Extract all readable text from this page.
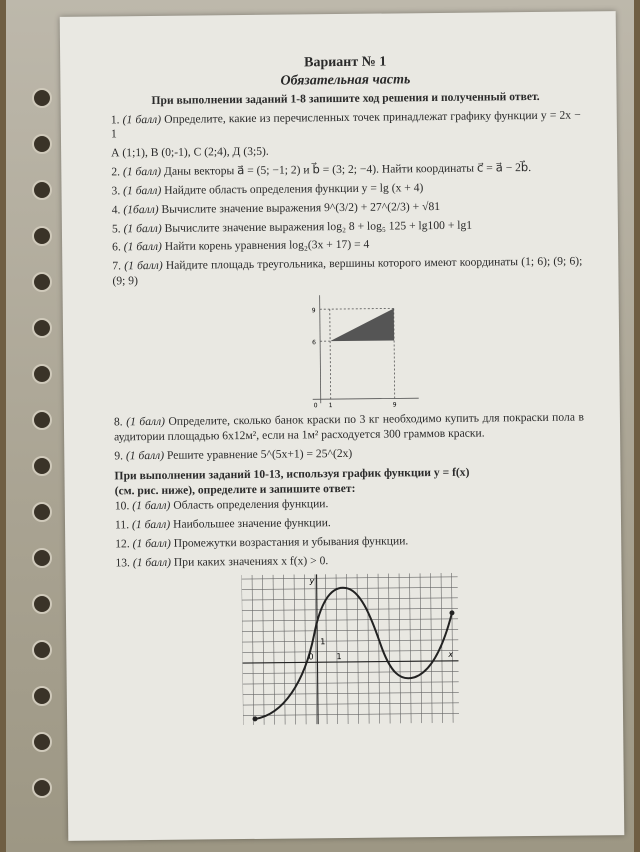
Вариант № 1

Обязательная часть

При выполнении заданий 1-8 запишите ход решения и полученный ответ.

1. (1 балл) Определите, какие из перечисленных точек принадлежат графику функции y = 2x − 1

А (1;1), В (0;-1), С (2;4), Д (3;5).

2. (1 балл) Даны векторы a⃗ = (5; −1; 2) и b⃗ = (3; 2; −4). Найти координаты c⃗ = a⃗ − 2b⃗.

3. (1 балл) Найдите область определения функции y = lg (x + 4)

4. (1балл) Вычислите значение выражения 9^(3/2) + 27^(2/3) + √81

5. (1 балл) Вычислите значение выражения log₂ 8 + log₅ 125 + lg100 + lg1

6. (1 балл) Найти корень уравнения log₂(3x + 17) = 4

7. (1 балл) Найдите площадь треугольника, вершины которого имеют координаты (1; 6); (9; 6); (9; 9)

9
6
0 1	9

8. (1 балл) Определите, сколько банок краски по 3 кг необходимо купить для покраски пола в аудитории площадью 6х12м², если на 1м² расходуется 300 граммов краски.

9. (1 балл) Решите уравнение 5^(5x+1) = 25^(2x)

При выполнении заданий 10-13, используя график функции y = f(x)

(см. рис. ниже), определите и запишите ответ:

10. (1 балл) Область определения функции.

11. (1 балл) Наибольшее значение функции.

12. (1 балл) Промежутки возрастания и убывания функции.

13. (1 балл) При каких значениях x f(x) > 0.

y
x
0	1
1
